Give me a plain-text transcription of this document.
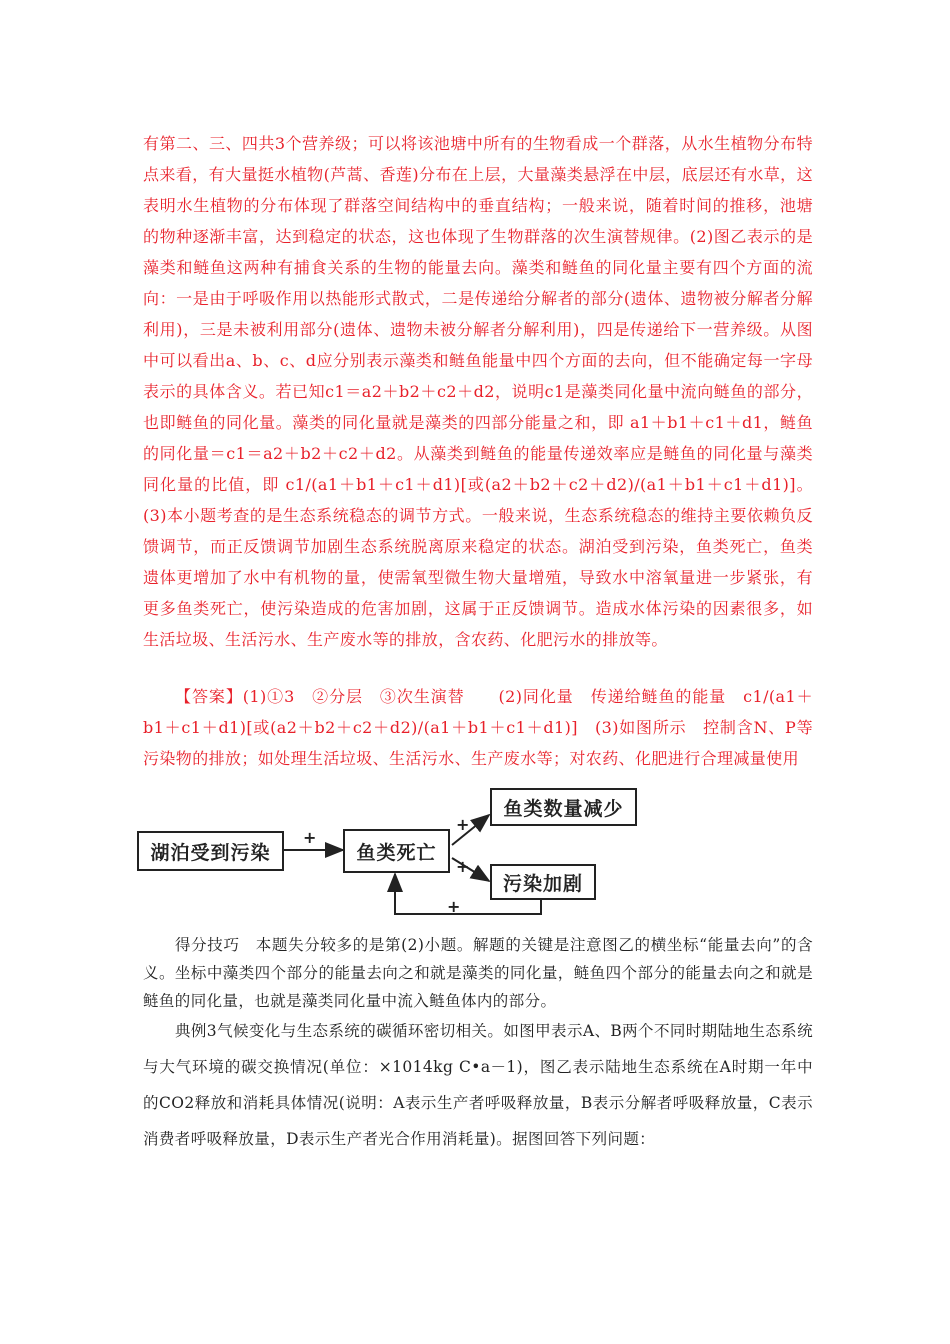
有第二、三、四共3个营养级；可以将该池塘中所有的生物看成一个群落，从水生植物分布特点来看，有大量挺水植物(芦蒿、香莲)分布在上层，大量藻类悬浮在中层，底层还有水草，这表明水生植物的分布体现了群落空间结构中的垂直结构；一般来说，随着时间的推移，池塘的物种逐渐丰富，达到稳定的状态，这也体现了生物群落的次生演替规律。(2)图乙表示的是藻类和鲢鱼这两种有捕食关系的生物的能量去向。藻类和鲢鱼的同化量主要有四个方面的流向：一是由于呼吸作用以热能形式散式，二是传递给分解者的部分(遗体、遗物被分解者分解利用)，三是未被利用部分(遗体、遗物未被分解者分解利用)，四是传递给下一营养级。从图中可以看出a、b、c、d应分别表示藻类和鲢鱼能量中四个方面的去向，但不能确定每一字母表示的具体含义。若已知c1＝a2＋b2＋c2＋d2，说明c1是藻类同化量中流向鲢鱼的部分，也即鲢鱼的同化量。藻类的同化量就是藻类的四部分能量之和，即 a1＋b1＋c1＋d1，鲢鱼的同化量＝c1＝a2＋b2＋c2＋d2。从藻类到鲢鱼的能量传递效率应是鲢鱼的同化量与藻类同化量的比值，即 c1/(a1＋b1＋c1＋d1)[或(a2＋b2＋c2＋d2)/(a1＋b1＋c1＋d1)]。(3)本小题考查的是生态系统稳态的调节方式。一般来说，生态系统稳态的维持主要依赖负反馈调节，而正反馈调节加剧生态系统脱离原来稳定的状态。湖泊受到污染，鱼类死亡，鱼类遗体更增加了水中有机物的量，使需氧型微生物大量增殖，导致水中溶氧量进一步紧张，有更多鱼类死亡，使污染造成的危害加剧，这属于正反馈调节。造成水体污染的因素很多，如生活垃圾、生活污水、生产废水等的排放，含农药、化肥污水的排放等。
【答案】(1)①3　②分层　③次生演替　　(2)同化量　传递给鲢鱼的能量　c1/(a1＋b1＋c1＋d1)[或(a2＋b2＋c2＋d2)/(a1＋b1＋c1＋d1)]　(3)如图所示　控制含N、P等污染物的排放；如处理生活垃圾、生活污水、生产废水等；对农药、化肥进行合理减量使用
湖泊受到污染	鱼类死亡
鱼类数量减少
污染加剧
+
+
+
+
得分技巧　本题失分较多的是第(2)小题。解题的关键是注意图乙的横坐标“能量去向”的含义。坐标中藻类四个部分的能量去向之和就是藻类的同化量，鲢鱼四个部分的能量去向之和就是鲢鱼的同化量，也就是藻类同化量中流入鲢鱼体内的部分。
典例3气候变化与生态系统的碳循环密切相关。如图甲表示A、B两个不同时期陆地生态系统与大气环境的碳交换情况(单位：×1014kg C•a－1)，图乙表示陆地生态系统在A时期一年中的CO2释放和消耗具体情况(说明：A表示生产者呼吸释放量，B表示分解者呼吸释放量，C表示消费者呼吸释放量，D表示生产者光合作用消耗量)。据图回答下列问题：
